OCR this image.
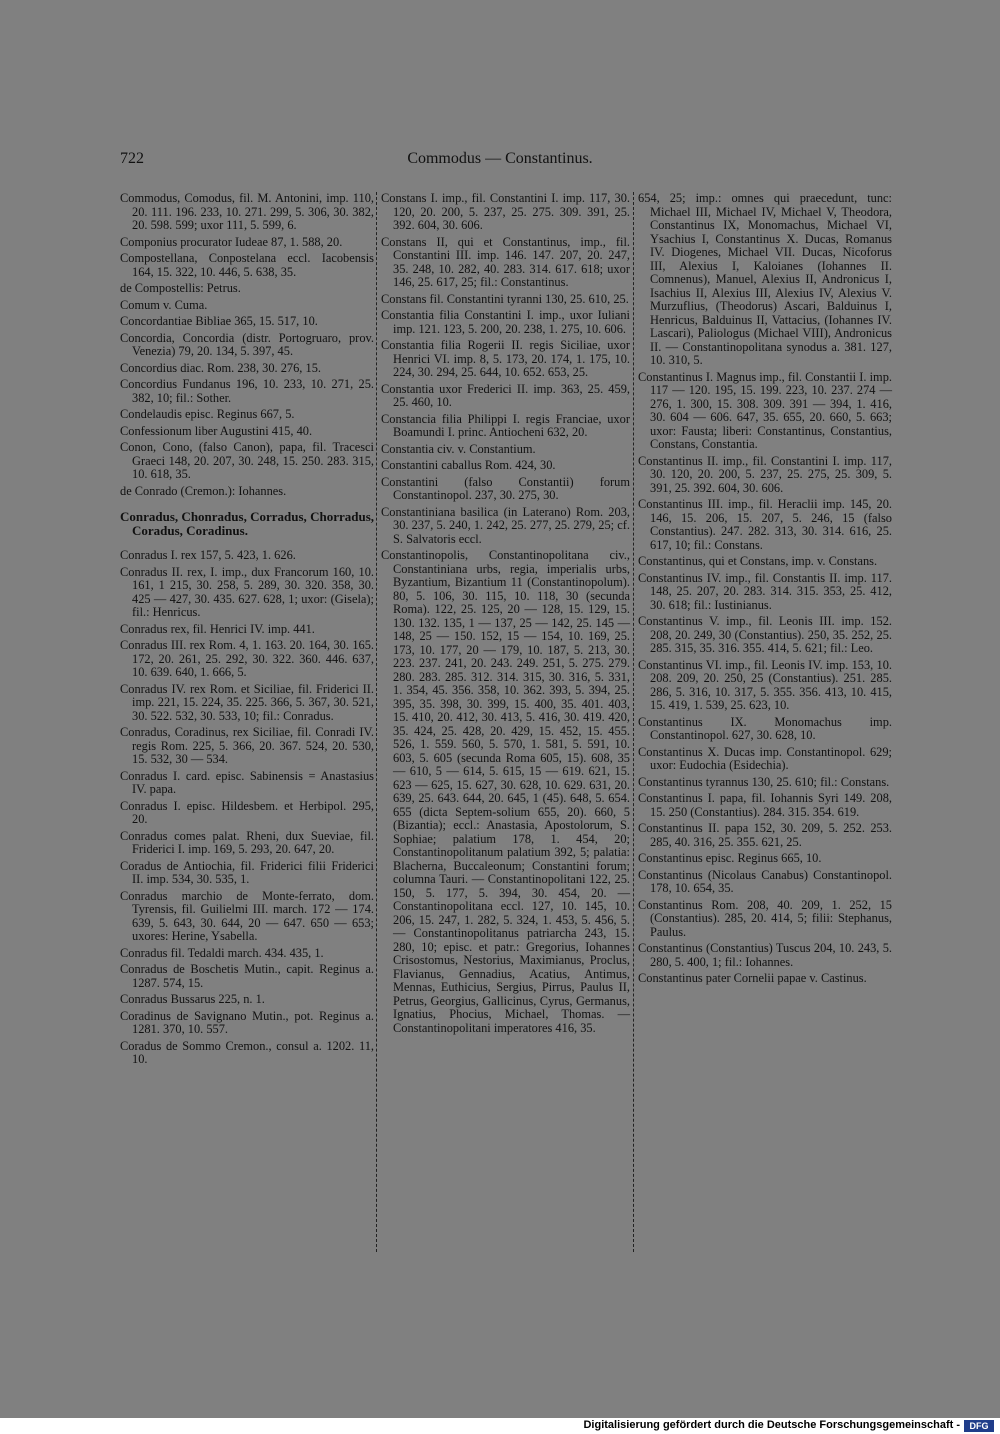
722	Commodus — Constantinus.

Commodus, Comodus, fil. M. Antonini, imp. 110, 20. 111. 196. 233, 10. 271. 299, 5. 306, 30. 382, 20. 598. 599; uxor 111, 5. 599, 6.

Componius procurator Iudeae 87, 1. 588, 20.

Compostellana, Conpostelana eccl. Iacobensis 164, 15. 322, 10. 446, 5. 638, 35.

de Compostellis: Petrus.

Comum v. Cuma.

Concordantiae Bibliae 365, 15. 517, 10.

Concordia, Concordia (distr. Portogruaro, prov. Venezia) 79, 20. 134, 5. 397, 45.

Concordius diac. Rom. 238, 30. 276, 15.

Concordius Fundanus 196, 10. 233, 10. 271, 25. 382, 10; fil.: Sother.

Condelaudis episc. Reginus 667, 5.

Confessionum liber Augustini 415, 40.

Conon, Cono, (falso Canon), papa, fil. Tracesci Graeci 148, 20. 207, 30. 248, 15. 250. 283. 315, 10. 618, 35.

de Conrado (Cremon.): Iohannes.

Conradus, Chonradus, Corradus, Chorradus, Coradus, Coradinus.

Conradus I. rex 157, 5. 423, 1. 626.

Conradus II. rex, I. imp., dux Francorum 160, 10. 161, 1 215, 30. 258, 5. 289, 30. 320. 358, 30. 425 — 427, 30. 435. 627. 628, 1; uxor: (Gisela); fil.: Henricus.

Conradus rex, fil. Henrici IV. imp. 441.

Conradus III. rex Rom. 4, 1. 163. 20. 164, 30. 165. 172, 20. 261, 25. 292, 30. 322. 360. 446. 637, 10. 639. 640, 1. 666, 5.

Conradus IV. rex Rom. et Siciliae, fil. Friderici II. imp. 221, 15. 224, 35. 225. 366, 5. 367, 30. 521, 30. 522. 532, 30. 533, 10; fil.: Conradus.

Conradus, Coradinus, rex Siciliae, fil. Conradi IV. regis Rom. 225, 5. 366, 20. 367. 524, 20. 530, 15. 532, 30 — 534.

Conradus I. card. episc. Sabinensis = Anastasius IV. papa.

Conradus I. episc. Hildesbem. et Herbipol. 295, 20.

Conradus comes palat. Rheni, dux Sueviae, fil. Friderici I. imp. 169, 5. 293, 20. 647, 20.

Coradus de Antiochia, fil. Friderici filii Friderici II. imp. 534, 30. 535, 1.

Conradus marchio de Monte-ferrato, dom. Tyrensis, fil. Guilielmi III. march. 172 — 174. 639, 5. 643, 30. 644, 20 — 647. 650 — 653; uxores: Herine, Ysabella.

Conradus fil. Tedaldi march. 434. 435, 1.

Conradus de Boschetis Mutin., capit. Reginus a. 1287. 574, 15.

Conradus Bussarus 225, n. 1.

Coradinus de Savignano Mutin., pot. Reginus a. 1281. 370, 10. 557.

Coradus de Sommo Cremon., consul a. 1202. 11, 10.

Constans I. imp., fil. Constantini I. imp. 117, 30. 120, 20. 200, 5. 237, 25. 275. 309. 391, 25. 392. 604, 30. 606.

Constans II, qui et Constantinus, imp., fil. Constantini III. imp. 146. 147. 207, 20. 247, 35. 248, 10. 282, 40. 283. 314. 617. 618; uxor 146, 25. 617, 25; fil.: Constantinus.

Constans fil. Constantini tyranni 130, 25. 610, 25.

Constantia filia Constantini I. imp., uxor Iuliani imp. 121. 123, 5. 200, 20. 238, 1. 275, 10. 606.

Constantia filia Rogerii II. regis Siciliae, uxor Henrici VI. imp. 8, 5. 173, 20. 174, 1. 175, 10. 224, 30. 294, 25. 644, 10. 652. 653, 25.

Constantia uxor Frederici II. imp. 363, 25. 459, 25. 460, 10.

Constancia filia Philippi I. regis Franciae, uxor Boamundi I. princ. Antiocheni 632, 20.

Constantia civ. v. Constantium.

Constantini caballus Rom. 424, 30.

Constantini (falso Constantii) forum Constantinopol. 237, 30. 275, 30.

Constantiniana basilica (in Laterano) Rom. 203, 30. 237, 5. 240, 1. 242, 25. 277, 25. 279, 25; cf. S. Salvatoris eccl.

Constantinopolis, Constantinopolitana civ., Constantiniana urbs, regia, imperialis urbs, Byzantium, Bizantium 11 (Constantinopolum). 80, 5. 106, 30. 115, 10. 118, 30 (secunda Roma). 122, 25. 125, 20 — 128, 15. 129, 15. 130. 132. 135, 1 — 137, 25 — 142, 25. 145 — 148, 25 — 150. 152, 15 — 154, 10. 169, 25. 173, 10. 177, 20 — 179, 10. 187, 5. 213, 30. 223. 237. 241, 20. 243. 249. 251, 5. 275. 279. 280. 283. 285. 312. 314. 315, 30. 316, 5. 331, 1. 354, 45. 356. 358, 10. 362. 393, 5. 394, 25. 395, 35. 398, 30. 399, 15. 400, 35. 401. 403, 15. 410, 20. 412, 30. 413, 5. 416, 30. 419. 420, 35. 424, 25. 428, 20. 429, 15. 452, 15. 455. 526, 1. 559. 560, 5. 570, 1. 581, 5. 591, 10. 603, 5. 605 (secunda Roma 605, 15). 608, 35 — 610, 5 — 614, 5. 615, 15 — 619. 621, 15. 623 — 625, 15. 627, 30. 628, 10. 629. 631, 20. 639, 25. 643. 644, 20. 645, 1 (45). 648, 5. 654. 655 (dicta Septem-solium 655, 20). 660, 5 (Bizantia); eccl.: Anastasia, Apostolorum, S. Sophiae; palatium 178, 1. 454, 20; Constantinopolitanum palatium 392, 5; palatia: Blacherna, Buccaleonum; Constantini forum; columna Tauri. — Constantinopolitani 122, 25. 150, 5. 177, 5. 394, 30. 454, 20. — Constantinopolitana eccl. 127, 10. 145, 10. 206, 15. 247, 1. 282, 5. 324, 1. 453, 5. 456, 5. — Constantinopolitanus patriarcha 243, 15. 280, 10; episc. et patr.: Gregorius, Iohannes Crisostomus, Nestorius, Maximianus, Proclus, Flavianus, Gennadius, Acatius, Antimus, Mennas, Euthicius, Sergius, Pirrus, Paulus II, Petrus, Georgius, Gallicinus, Cyrus, Germanus, Ignatius, Phocius, Michael, Thomas. — Constantinopolitani imperatores 416, 35.

654, 25; imp.: omnes qui praecedunt, tunc: Michael III, Michael IV, Michael V, Theodora, Constantinus IX, Monomachus, Michael VI, Ysachius I, Constantinus X. Ducas, Romanus IV. Diogenes, Michael VII. Ducas, Nicoforus III, Alexius I, Kaloianes (Iohannes II. Comnenus), Manuel, Alexius II, Andronicus I, Isachius II, Alexius III, Alexius IV, Alexius V. Murzuflius, (Theodorus) Ascari, Balduinus I, Henricus, Balduinus II, Vattacius, (Iohannes IV. Lascari), Paliologus (Michael VIII), Andronicus II. — Constantinopolitana synodus a. 381. 127, 10. 310, 5.

Constantinus I. Magnus imp., fil. Constantii I. imp. 117 — 120. 195, 15. 199. 223, 10. 237. 274 — 276, 1. 300, 15. 308. 309. 391 — 394, 1. 416, 30. 604 — 606. 647, 35. 655, 20. 660, 5. 663; uxor: Fausta; liberi: Constantinus, Constantius, Constans, Constantia.

Constantinus II. imp., fil. Constantini I. imp. 117, 30. 120, 20. 200, 5. 237, 25. 275, 25. 309, 5. 391, 25. 392. 604, 30. 606.

Constantinus III. imp., fil. Heraclii imp. 145, 20. 146, 15. 206, 15. 207, 5. 246, 15 (falso Constantius). 247. 282. 313, 30. 314. 616, 25. 617, 10; fil.: Constans.

Constantinus, qui et Constans, imp. v. Constans.

Constantinus IV. imp., fil. Constantis II. imp. 117. 148, 25. 207, 20. 283. 314. 315. 353, 25. 412, 30. 618; fil.: Iustinianus.

Constantinus V. imp., fil. Leonis III. imp. 152. 208, 20. 249, 30 (Constantius). 250, 35. 252, 25. 285. 315, 35. 316. 355. 414, 5. 621; fil.: Leo.

Constantinus VI. imp., fil. Leonis IV. imp. 153, 10. 208. 209, 20. 250, 25 (Constantius). 251. 285. 286, 5. 316, 10. 317, 5. 355. 356. 413, 10. 415, 15. 419, 1. 539, 25. 623, 10.

Constantinus IX. Monomachus imp. Constantinopol. 627, 30. 628, 10.

Constantinus X. Ducas imp. Constantinopol. 629; uxor: Eudochia (Esidechia).

Constantinus tyrannus 130, 25. 610; fil.: Constans.

Constantinus I. papa, fil. Iohannis Syri 149. 208, 15. 250 (Constantius). 284. 315. 354. 619.

Constantinus II. papa 152, 30. 209, 5. 252. 253. 285, 40. 316, 25. 355. 621, 25.

Constantinus episc. Reginus 665, 10.

Constantinus (Nicolaus Canabus) Constantinopol. 178, 10. 654, 35.

Constantinus Rom. 208, 40. 209, 1. 252, 15 (Constantius). 285, 20. 414, 5; filii: Stephanus, Paulus.

Constantinus (Constantius) Tuscus 204, 10. 243, 5. 280, 5. 400, 1; fil.: Iohannes.

Constantinus pater Cornelii papae v. Castinus.

Digitalisierung gefördert durch die Deutsche Forschungsgemeinschaft -	DFG
